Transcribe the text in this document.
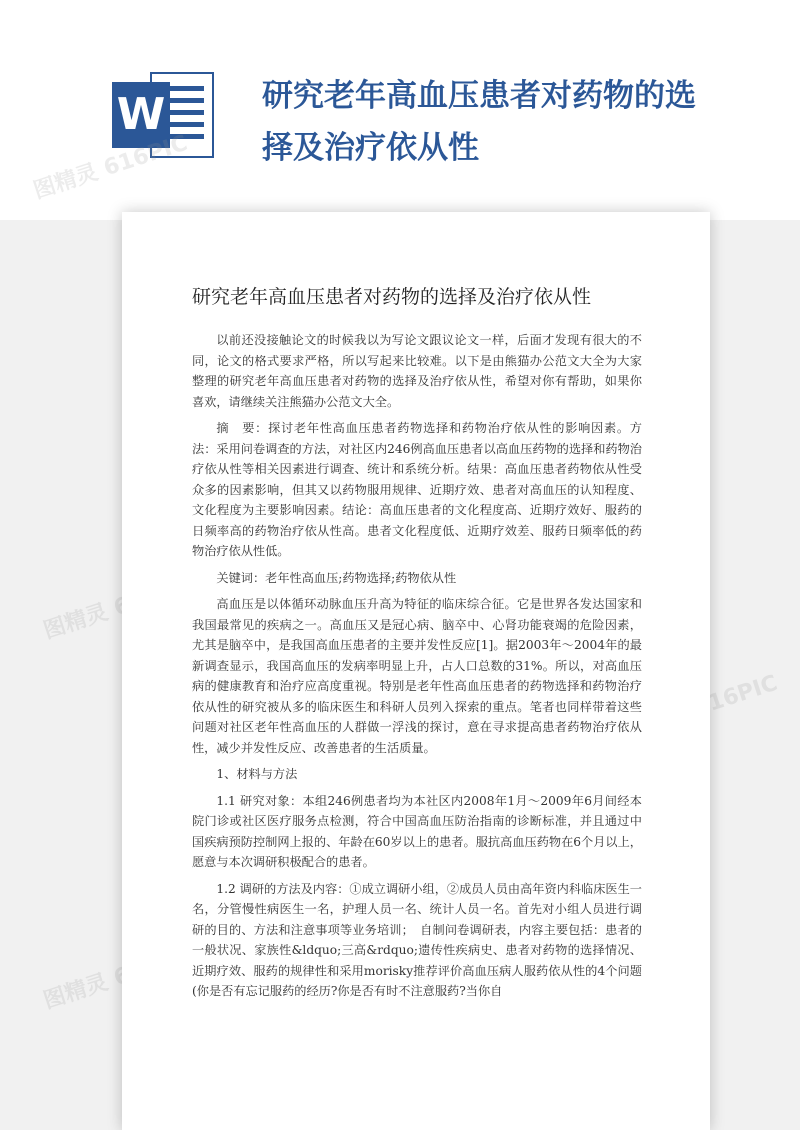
W	研究老年高血压患者对药物的选择及治疗依从性
图精灵 616PIC
616PIC
图精灵 616PIC
研究老年高血压患者对药物的选择及治疗依从性

以前还没接触论文的时候我以为写论文跟议论文一样，后面才发现有很大的不同，论文的格式要求严格，所以写起来比较难。以下是由熊猫办公范文大全为大家整理的研究老年高血压患者对药物的选择及治疗依从性，希望对你有帮助，如果你喜欢，请继续关注熊猫办公范文大全。

摘　要：探讨老年性高血压患者药物选择和药物治疗依从性的影响因素。方法：采用问卷调查的方法，对社区内246例高血压患者以高血压药物的选择和药物治疗依从性等相关因素进行调查、统计和系统分析。结果：高血压患者药物依从性受众多的因素影响，但其又以药物服用规律、近期疗效、患者对高血压的认知程度、文化程度为主要影响因素。结论：高血压患者的文化程度高、近期疗效好、服药的日频率高的药物治疗依从性高。患者文化程度低、近期疗效差、服药日频率低的药物治疗依从性低。

关键词：老年性高血压;药物选择;药物依从性

高血压是以体循环动脉血压升高为特征的临床综合征。它是世界各发达国家和我国最常见的疾病之一。高血压又是冠心病、脑卒中、心肾功能衰竭的危险因素，尤其是脑卒中，是我国高血压患者的主要并发性反应[1]。据2003年～2004年的最新调查显示，我国高血压的发病率明显上升，占人口总数的31%。所以，对高血压病的健康教育和治疗应高度重视。特别是老年性高血压患者的药物选择和药物治疗依从性的研究被从多的临床医生和科研人员列入探索的重点。笔者也同样带着这些问题对社区老年性高血压的人群做一浮浅的探讨，意在寻求提高患者药物治疗依从性，减少并发性反应、改善患者的生活质量。

1、材料与方法

1.1 研究对象：本组246例患者均为本社区内2008年1月～2009年6月间经本院门诊或社区医疗服务点检测，符合中国高血压防治指南的诊断标准，并且通过中国疾病预防控制网上报的、年龄在60岁以上的患者。服抗高血压药物在6个月以上，愿意与本次调研积极配合的患者。

1.2 调研的方法及内容：①成立调研小组，②成员人员由高年资内科临床医生一名，分管慢性病医生一名，护理人员一名、统计人员一名。首先对小组人员进行调研的目的、方法和注意事项等业务培训；　自制问卷调研表，内容主要包括：患者的一般状况、家族性&ldquo;三高&rdquo;遗传性疾病史、患者对药物的选择情况、近期疗效、服药的规律性和采用morisky推荐评价高血压病人服药依从性的4个问题(你是否有忘记服药的经历?你是否有时不注意服药?当你自
